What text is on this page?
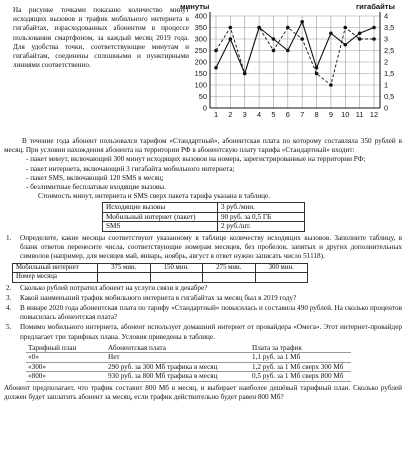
На рисунке точками показано количество минут исходящих вызовов и трафик мобильного интернета в гигабайтах, израсходованных абонентом в процессе пользования смартфоном, за каждый месяц 2019 года. Для удобства точки, соответствующие минутам и гигабайтам, соединены сплошными и пунктирными линиями соответственно.
0	0
50	0,5
100	1
150	1,5
200	2
250	2,5
300	3
350	3,5
400	4
1 2 3 4 5 6 7 8 9 10 11 12
минуты	гигабайты

В течение года абонент пользовался тарифом «Стандартный», абонентская плата по которому составляла 350 рублей в месяц. При условии нахождения абонента на территории РФ в абонентскую плату тарифа «Стандартный» входит:

- пакет минут, включающий 300 минут исходящих вызовов на номера, зарегистрированные на территории РФ;

- пакет интернета, включающий 3 гигабайта мобильного интернета;

- пакет SMS, включающий 120 SMS в месяц;

- безлимитные бесплатные входящие вызовы.

Стоимость минут, интернета и SMS сверх пакета тарифа указана в таблице.

Исходящие вызовы	3 руб./мин.
Мобильный интернет (пакет)	90 руб. за 0,5 ГБ
SMS	2 руб./шт.
1.	Определите, какие месяцы соответствуют указанному в таблице количеству исходящих вызовов. Заполните таблицу, в бланк ответов перенесите числа, соответствующие номерам месяцев, без пробелов, запятых и других дополнительных символов (например, для месяцев май, январь, ноябрь, август в ответ нужно записать число 51118).
Мобильный интернет	375 мин.	150 мин.	275 мин.	300 мин.
Номер месяца				
2.	Сколько рублей потратил абонент на услуги связи в декабре?
3.	Какой наименьший трафик мобильного интернета в гигабайтах за месяц был в 2019 году?
4.	В январе 2020 года абонентская плата по тарифу «Стандартный» повысилась и составила 490 рублей. На сколько процентов повысилась абонентская плата?
5.	Помимо мобильного интернета, абонент использует домашний интернет от провайдера «Омега». Этот интернет-провайдер предлагает три тарифных плана. Условия приведены в таблице.
Тарифный план	Абонентская плата	Плата за трафик
«0»	Нет	1,1 руб. за 1 Мб
«300»	290 руб. за 300 Мб трафика в месяц	1,2 руб. за 1 Мб сверх 300 Мб
«800»	930 руб. за 800 Мб трафика в месяц	0,5 руб. за 1 Мб сверх 800 Мб

Абонент предполагает, что трафик составит 800 Мб в месяц, и выбирает наиболее дешёвый тарифный план. Сколько рублей должен будет заплатить абонент за месяц, если трафик действительно будет равен 800 Мб?
